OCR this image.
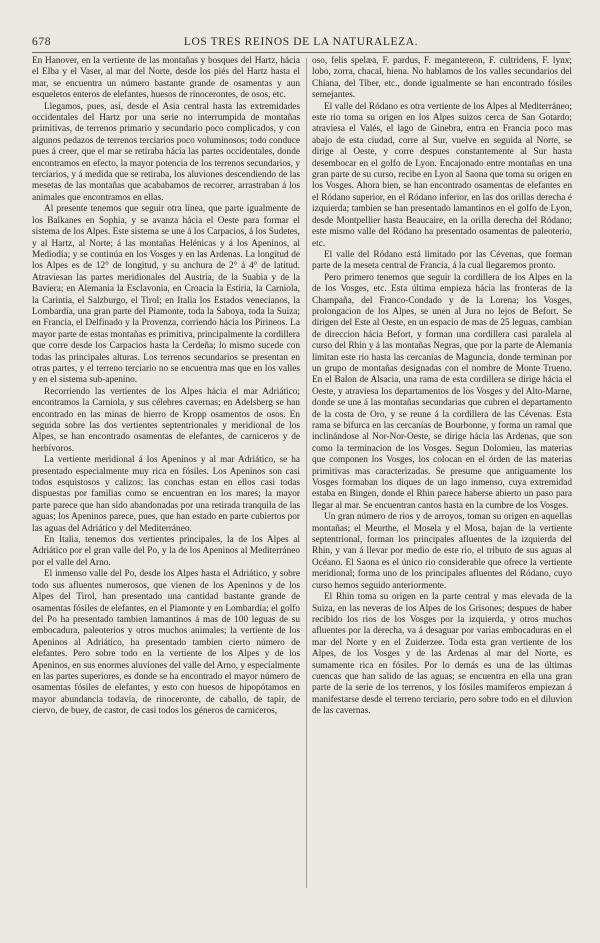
678	LOS TRES REINOS DE LA NATURALEZA.

En Hanover, en la vertiente de las montañas y bosques del Hartz, hácia el Elba y el Vaser, al mar del Norte, desde los piés del Hartz hasta el mar, se encuentra un número bastante grande de osamentas y aun esqueletos enteros de elefantes, huesos de rinocerontes, de osos, etc.

Llegamos, pues, así, desde el Asia central hasta las extremidades occidentales del Hartz por una serie no interrumpida de montañas primitivas, de terrenos primario y secundario poco complicados, y con algunos pedazos de terrenos terciarios poco voluminosos; todo conduce pues á creer, que el mar se retiraba hácia las partes occidentales, donde encontramos en efecto, la mayor potencia de los terrenos secundarios, y terciarios, y á medida que se retiraba, los aluviones descendiendo de las mesetas de las montañas que acababamos de recorrer, arrastraban á los animales que encontramos en ellas.

Al presente tenemos que seguir otra línea, que parte igualmente de los Balkanes en Sophia, y se avanza hácia el Oeste para formar el sistema de los Alpes. Este sistema se une á los Carpacios, á los Sudetes, y al Hartz, al Norte; á las montañas Helénicas y á los Apeninos, al Mediodía; y se continúa en los Vosges y en las Ardenas. La longitud de los Alpes es de 12° de longitud, y su anchura de 2° á 4° de latitud. Atraviesan las partes meridionales del Austria, de la Suabia y de la Baviera; en Alemania la Esclavonia, en Croacia la Estiria, la Carniola, la Carintia, el Salzburgo, el Tirol; en Italia los Estados venecianos, la Lombardía, una gran parte del Piamonte, toda la Saboya, toda la Suiza; en Francia, el Delfinado y la Provenza, corriendo hácia los Pirineos. La mayor parte de estas montañas es primitiva, principalmente la cordillera que corre desde los Carpacios hasta la Cerdeña; lo mismo sucede con todas las principales alturas. Los terrenos secundarios se presentan en otras partes, y el terreno terciario no se encuentra mas que en los valles y en el sistema sub-apenino.

Recorriendo las vertientes de los Alpes hácia el mar Adriático; encontramos la Carniola, y sus célebres cavernas; en Adelsberg se han encontrado en las minas de hierro de Kropp osamentos de osos. En seguida sobre las dos vertientes septentrionales y meridional de los Alpes, se han encontrado osamentas de elefantes, de carniceros y de herbívoros.

La vertiente meridional á los Apeninos y al mar Adriático, se ha presentado especialmente muy rica en fósiles. Los Apeninos son casi todos esquistosos y calizos; las conchas estan en ellos casi todas dispuestas por familias como se encuentran en los mares; la mayor parte parece que han sido abandonadas por una retirada tranquila de las aguas; los Apeninos parece, pues, que han estado en parte cubiertos por las aguas del Adriático y del Mediterráneo.

En Italia, tenemos dos vertientes principales, la de los Alpes al Adriático por el gran valle del Po, y la de los Apeninos al Mediterráneo por el valle del Arno.

El inmenso valle del Po, desde los Alpes hasta el Adriático, y sobre todo sus afluentes numerosos, que vienen de los Apeninos y de los Alpes del Tirol, han presentado una cantidad bastante grande de osamentas fósiles de elefantes, en el Piamonte y en Lombardía; el golfo del Po ha presentado tambien lamantinos á mas de 100 leguas de su embocadura, paleoterios y otros muchos animales; la vertiente de los Apeninos al Adriático, ha presentado tambien cierto número de elefantes. Pero sobre todo en la vertiente de los Alpes y de los Apeninos, en sus enormes aluviones del valle del Arno, y especialmente en las partes superiores, es donde se ha encontrado el mayor número de osamentas fósiles de elefantes, y esto con huesos de hipopótamos en mayor abundancia todavía, de rinoceronte, de caballo, de tapir, de ciervo, de buey, de castor, de casi todos los géneros de carniceros,

oso, felis spelæa, F. pardus, F. megantereon, F. cultridens, F. lynx; lobo, zorra, chacal, hiena. No hablamos de los valles secundarios del Chiana, del Tiber, etc., donde igualmente se han encontrado fósiles semejantes.

El valle del Ródano es otra vertiente de los Alpes al Mediterráneo; este rio toma su origen en los Alpes suizos cerca de San Gotardo; atraviesa el Valés, el lago de Ginebra, entra en Francia poco mas abajo de esta ciudad, corre al Sur, vuelve en seguida al Norte, se dirige al Oeste, y corre despues constantemente al Sur hasta desembocar en el golfo de Lyon. Encajonado entre montañas en una gran parte de su curso, recibe en Lyon al Saona que toma su origen en los Vosges. Ahora bien, se han encontrado osamentas de elefantes en el Ródano superior, en el Ródano inferior, en las dos orillas derecha é izquierda; tambien se han presentado lamantinos en el golfo de Lyon, desde Montpellier hasta Beaucaire, en la orilla derecha del Ródano; este mismo valle del Ródano ha presentado osamentas de paleoterio, etc.

El valle del Ródano está limitado por las Cévenas, que forman parte de la meseta central de Francia, á la cual llegaremos pronto.

Pero primero tenemos que seguir la cordillera de los Alpes en la de los Vosges, etc. Esta última empieza hácia las fronteras de la Champaña, del Franco-Condado y de la Lorena; los Vosges, prolongacion de los Alpes, se unen al Jura no lejos de Befort. Se dirigen del Este al Oeste, en un espacio de mas de 25 leguas, cambian de direccion hácia Befort, y forman una cordillera casi paralela al curso del Rhin y á las montañas Negras, que por la parte de Alemania limitan este rio hasta las cercanías de Maguncia, donde terminan por un grupo de montañas designadas con el nombre de Monte Trueno. En el Balon de Alsacia, una rama de esta cordillera se dirige hácia el Oeste, y atraviesa los departamentos de los Vosges y del Alto-Marne, donde se une á las montañas secundarias que cubren el departamento de la costa de Oro, y se reune á la cordillera de las Cévenas. Esta rama se bifurca en las cercanías de Bourbonne, y forma un ramal que inclinándose al Nor-Nor-Oeste, se dirige hácia las Ardenas, que son como la terminacion de los Vosges. Segun Dolomieu, las materias que componen los Vosges, los colocan en el órden de las materias primitivas mas caracterizadas. Se presume que antiguamente los Vosges formaban los diques de un lago inmenso, cuya extremidad estaba en Bingen, donde el Rhin parece haberse abierto un paso para llegar al mar. Se encuentran cantos hasta en la cumbre de los Vosges.

Un gran número de rios y de arroyos, toman su origen en aquellas montañas; el Meurthe, el Mosela y el Mosa, bajan de la vertiente septentrional, forman los principales afluentes de la izquierda del Rhin, y van á llevar por medio de este rio, el tributo de sus aguas al Océano. El Saona es el único rio considerable que ofrece la vertiente meridional; forma uno de los principales afluentes del Ródano, cuyo curso hemos seguido anteriormente.

El Rhin toma su origen en la parte central y mas elevada de la Suiza, en las neveras de los Alpes de los Grisones; despues de haber recibido los rios de los Vosges por la izquierda, y otros muchos afluentes por la derecha, va á desaguar por varias embocaduras en el mar del Norte y en el Zuiderzee. Toda esta gran vertiente de los Alpes, de los Vosges y de las Ardenas al mar del Norte, es sumamente rica en fósiles. Por lo demás es una de las últimas cuencas que han salido de las aguas; se encuentra en ella una gran parte de la serie de los terrenos, y los fósiles mamíferos empiezan á manifestarse desde el terreno terciario, pero sobre todo en el diluvion de las cavernas.
